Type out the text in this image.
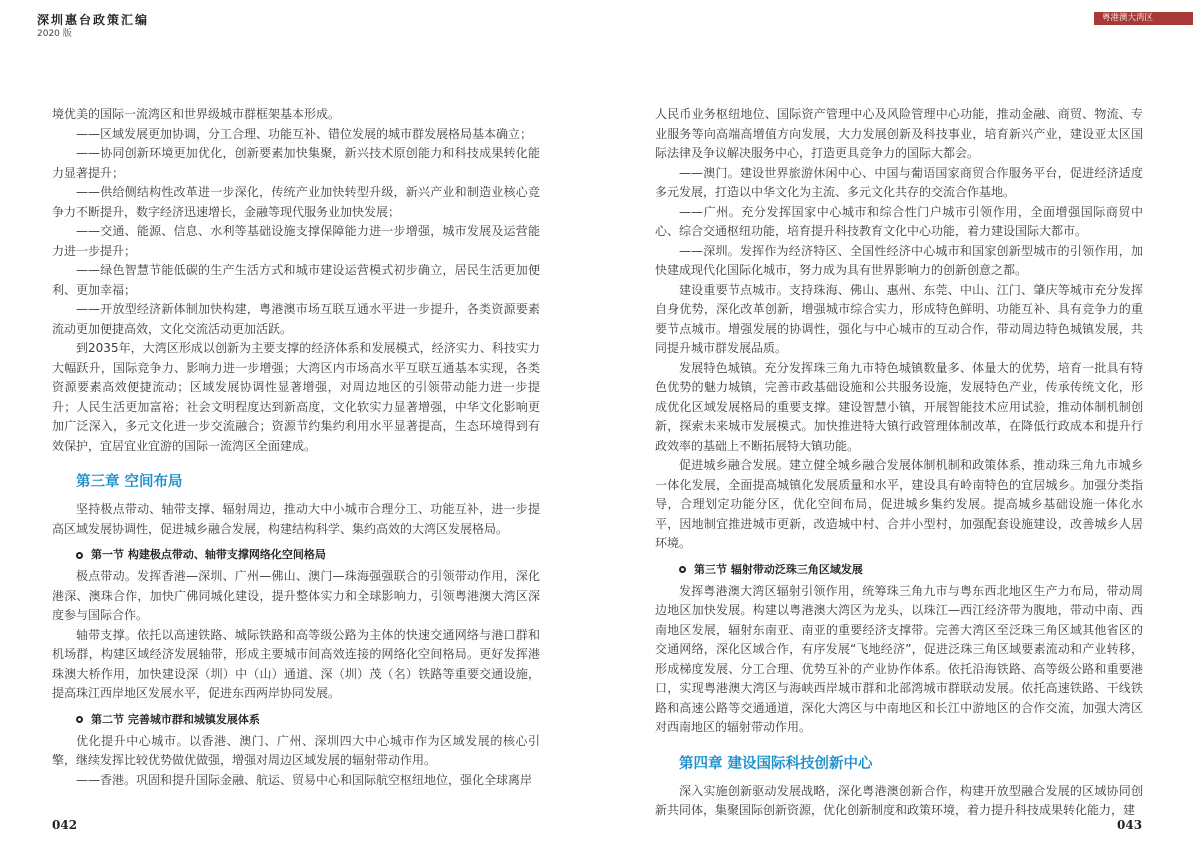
深圳惠台政策汇编
2020 版
粤港澳大湾区

境优美的国际一流湾区和世界级城市群框架基本形成。

——区域发展更加协调，分工合理、功能互补、错位发展的城市群发展格局基本确立；

——协同创新环境更加优化，创新要素加快集聚，新兴技术原创能力和科技成果转化能力显著提升；

——供给侧结构性改革进一步深化，传统产业加快转型升级，新兴产业和制造业核心竞争力不断提升，数字经济迅速增长，金融等现代服务业加快发展；

——交通、能源、信息、水利等基础设施支撑保障能力进一步增强，城市发展及运营能力进一步提升；

——绿色智慧节能低碳的生产生活方式和城市建设运营模式初步确立，居民生活更加便利、更加幸福；

——开放型经济新体制加快构建，粤港澳市场互联互通水平进一步提升，各类资源要素流动更加便捷高效，文化交流活动更加活跃。

到2035年，大湾区形成以创新为主要支撑的经济体系和发展模式，经济实力、科技实力大幅跃升，国际竞争力、影响力进一步增强；大湾区内市场高水平互联互通基本实现，各类资源要素高效便捷流动；区域发展协调性显著增强，对周边地区的引领带动能力进一步提升；人民生活更加富裕；社会文明程度达到新高度，文化软实力显著增强，中华文化影响更加广泛深入，多元文化进一步交流融合；资源节约集约利用水平显著提高，生态环境得到有效保护，宜居宜业宜游的国际一流湾区全面建成。

第三章 空间布局

坚持极点带动、轴带支撑、辐射周边，推动大中小城市合理分工、功能互补，进一步提高区域发展协调性，促进城乡融合发展，构建结构科学、集约高效的大湾区发展格局。

第一节 构建极点带动、轴带支撑网络化空间格局

极点带动。发挥香港—深圳、广州—佛山、澳门—珠海强强联合的引领带动作用，深化港深、澳珠合作，加快广佛同城化建设，提升整体实力和全球影响力，引领粤港澳大湾区深度参与国际合作。

轴带支撑。依托以高速铁路、城际铁路和高等级公路为主体的快速交通网络与港口群和机场群，构建区域经济发展轴带，形成主要城市间高效连接的网络化空间格局。更好发挥港珠澳大桥作用，加快建设深（圳）中（山）通道、深（圳）茂（名）铁路等重要交通设施，提高珠江西岸地区发展水平，促进东西两岸协同发展。

第二节 完善城市群和城镇发展体系

优化提升中心城市。以香港、澳门、广州、深圳四大中心城市作为区域发展的核心引擎，继续发挥比较优势做优做强，增强对周边区域发展的辐射带动作用。

——香港。巩固和提升国际金融、航运、贸易中心和国际航空枢纽地位，强化全球离岸

人民币业务枢纽地位、国际资产管理中心及风险管理中心功能，推动金融、商贸、物流、专业服务等向高端高增值方向发展，大力发展创新及科技事业，培育新兴产业，建设亚太区国际法律及争议解决服务中心，打造更具竞争力的国际大都会。

——澳门。建设世界旅游休闲中心、中国与葡语国家商贸合作服务平台，促进经济适度多元发展，打造以中华文化为主流、多元文化共存的交流合作基地。

——广州。充分发挥国家中心城市和综合性门户城市引领作用，全面增强国际商贸中心、综合交通枢纽功能，培育提升科技教育文化中心功能，着力建设国际大都市。

——深圳。发挥作为经济特区、全国性经济中心城市和国家创新型城市的引领作用，加快建成现代化国际化城市，努力成为具有世界影响力的创新创意之都。

建设重要节点城市。支持珠海、佛山、惠州、东莞、中山、江门、肇庆等城市充分发挥自身优势，深化改革创新，增强城市综合实力，形成特色鲜明、功能互补、具有竞争力的重要节点城市。增强发展的协调性，强化与中心城市的互动合作，带动周边特色城镇发展，共同提升城市群发展品质。

发展特色城镇。充分发挥珠三角九市特色城镇数量多、体量大的优势，培育一批具有特色优势的魅力城镇，完善市政基础设施和公共服务设施，发展特色产业，传承传统文化，形成优化区域发展格局的重要支撑。建设智慧小镇，开展智能技术应用试验，推动体制机制创新，探索未来城市发展模式。加快推进特大镇行政管理体制改革，在降低行政成本和提升行政效率的基础上不断拓展特大镇功能。

促进城乡融合发展。建立健全城乡融合发展体制机制和政策体系，推动珠三角九市城乡一体化发展，全面提高城镇化发展质量和水平，建设具有岭南特色的宜居城乡。加强分类指导，合理划定功能分区，优化空间布局，促进城乡集约发展。提高城乡基础设施一体化水平，因地制宜推进城市更新，改造城中村、合并小型村，加强配套设施建设，改善城乡人居环境。

第三节 辐射带动泛珠三角区域发展

发挥粤港澳大湾区辐射引领作用，统筹珠三角九市与粤东西北地区生产力布局，带动周边地区加快发展。构建以粤港澳大湾区为龙头，以珠江—西江经济带为腹地，带动中南、西南地区发展，辐射东南亚、南亚的重要经济支撑带。完善大湾区至泛珠三角区域其他省区的交通网络，深化区域合作，有序发展“飞地经济”，促进泛珠三角区域要素流动和产业转移，形成梯度发展、分工合理、优势互补的产业协作体系。依托沿海铁路、高等级公路和重要港口，实现粤港澳大湾区与海峡西岸城市群和北部湾城市群联动发展。依托高速铁路、干线铁路和高速公路等交通通道，深化大湾区与中南地区和长江中游地区的合作交流，加强大湾区对西南地区的辐射带动作用。

第四章 建设国际科技创新中心

深入实施创新驱动发展战略，深化粤港澳创新合作，构建开放型融合发展的区域协同创新共同体，集聚国际创新资源，优化创新制度和政策环境，着力提升科技成果转化能力，建

042	043
